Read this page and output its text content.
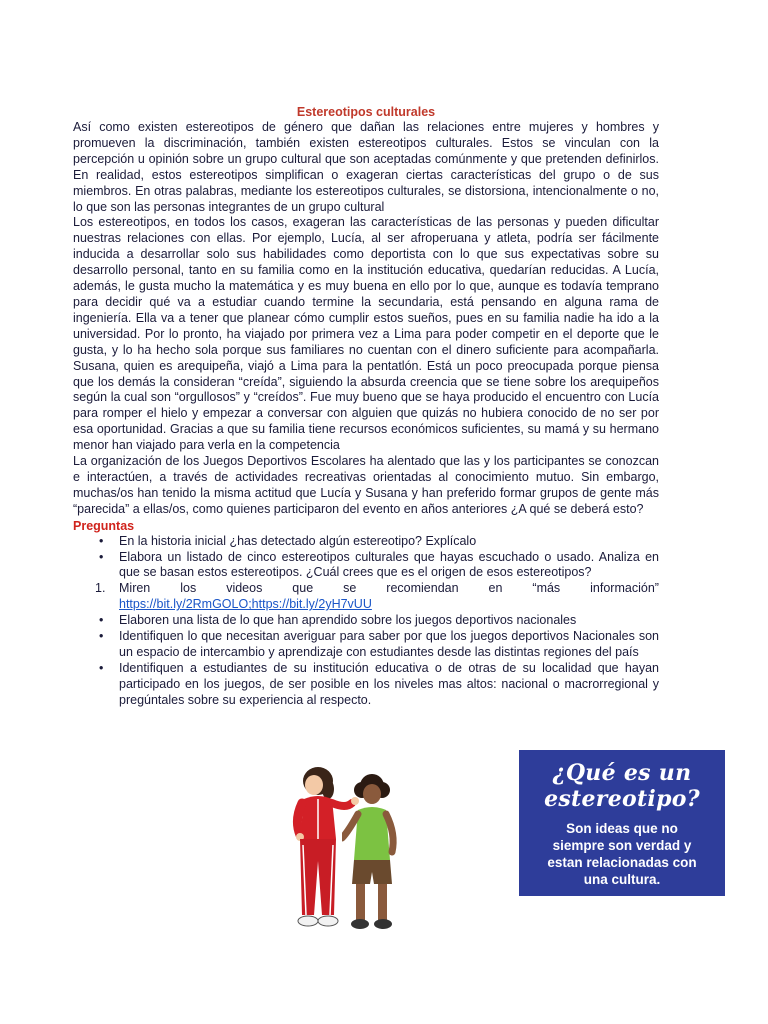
Estereotipos culturales

Así como existen estereotipos de género que dañan las relaciones entre mujeres y hombres y promueven la discriminación, también existen estereotipos culturales. Estos se vinculan con la percepción u opinión sobre un grupo cultural que son aceptadas comúnmente y que pretenden definirlos. En realidad, estos estereotipos simplifican o exageran ciertas características del grupo o de sus miembros. En otras palabras, mediante los estereotipos culturales, se distorsiona, intencionalmente o no, lo que son las personas integrantes de un grupo cultural

Los estereotipos, en todos los casos, exageran las características de las personas y pueden dificultar nuestras relaciones con ellas. Por ejemplo, Lucía, al ser afroperuana y atleta, podría ser fácilmente inducida a desarrollar solo sus habilidades como deportista con lo que sus expectativas sobre su desarrollo personal, tanto en su familia como en la institución educativa, quedarían reducidas. A Lucía, además, le gusta mucho la matemática y es muy buena en ello por lo que, aunque es todavía temprano para decidir qué va a estudiar cuando termine la secundaria, está pensando en alguna rama de ingeniería. Ella va a tener que planear cómo cumplir estos sueños, pues en su familia nadie ha ido a la universidad. Por lo pronto, ha viajado por primera vez a Lima para poder competir en el deporte que le gusta, y lo ha hecho sola porque sus familiares no cuentan con el dinero suficiente para acompañarla. Susana, quien es arequipeña, viajó a Lima para la pentatlón. Está un poco preocupada porque piensa que los demás la consideran “creída”, siguiendo la absurda creencia que se tiene sobre los arequipeños según la cual son “orgullosos” y “creídos”. Fue muy bueno que se haya producido el encuentro con Lucía para romper el hielo y empezar a conversar con alguien que quizás no hubiera conocido de no ser por esa oportunidad. Gracias a que su familia tiene recursos económicos suficientes, su mamá y su hermano menor han viajado para verla en la competencia

La organización de los Juegos Deportivos Escolares ha alentado que las y los participantes se conozcan e interactúen, a través de actividades recreativas orientadas al conocimiento mutuo. Sin embargo, muchas/os han tenido la misma actitud que Lucía y Susana y han preferido formar grupos de gente más “parecida” a ellas/os, como quienes participaron del evento en años anteriores ¿A qué se deberá esto?

Preguntas
• En la historia inicial ¿has detectado algún estereotipo? Explícalo
• Elabora un listado de cinco estereotipos culturales que hayas escuchado o usado. Analiza en que se basan estos estereotipos. ¿Cuál crees que es el origen de esos estereotipos?
1. Miren los videos que se recomiendan en “más información”
https://bit.ly/2RmGOLO;https://bit.ly/2yH7vUU
• Elaboren una lista de lo que han aprendido sobre los juegos deportivos nacionales
• Identifiquen lo que necesitan averiguar para saber por que los juegos deportivos Nacionales son un espacio de intercambio y aprendizaje con estudiantes desde las distintas regiones del país
• Identifiquen a estudiantes de su institución educativa o de otras de su localidad que hayan participado en los juegos, de ser posible en los niveles mas altos: nacional o macrorregional y pregúntales sobre su experiencia al respecto.
¿Qué es un
estereotipo?
Son ideas que no
siempre son verdad y
estan relacionadas con
una cultura.
